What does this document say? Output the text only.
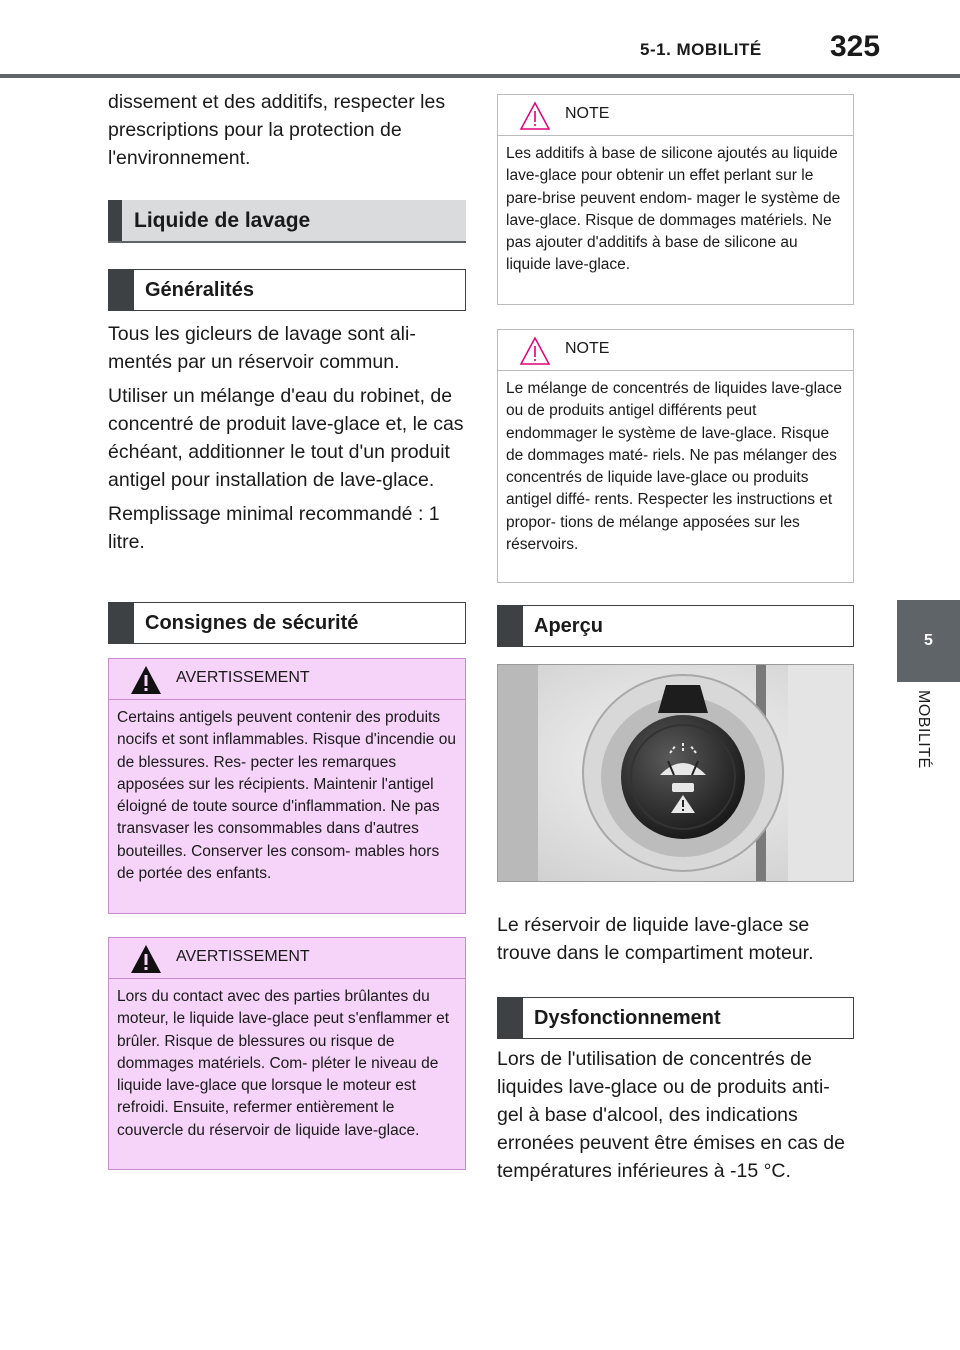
5-1. MOBILITÉ 325
5
MOBILITÉ

dissement et des additifs, respecter les prescriptions pour la protection de l'environnement.

Liquide de lavage
Généralités

Tous les gicleurs de lavage sont ali- mentés par un réservoir commun.

Utiliser un mélange d'eau du robinet, de concentré de produit lave-glace et, le cas échéant, additionner le tout d'un produit antigel pour installation de lave-glace.

Remplissage minimal recommandé : 1 litre.

Consignes de sécurité
AVERTISSEMENT
Certains antigels peuvent contenir des produits nocifs et sont inflammables. Risque d'incendie ou de blessures. Res- pecter les remarques apposées sur les récipients. Maintenir l'antigel éloigné de toute source d'inflammation. Ne pas transvaser les consommables dans d'autres bouteilles. Conserver les consom- mables hors de portée des enfants.
AVERTISSEMENT
Lors du contact avec des parties brûlantes du moteur, le liquide lave-glace peut s'enflammer et brûler. Risque de blessures ou risque de dommages matériels. Com- pléter le niveau de liquide lave-glace que lorsque le moteur est refroidi. Ensuite, refermer entièrement le couvercle du réservoir de liquide lave-glace.
NOTE
Les additifs à base de silicone ajoutés au liquide lave-glace pour obtenir un effet perlant sur le pare-brise peuvent endom- mager le système de lave-glace. Risque de dommages matériels. Ne pas ajouter d'additifs à base de silicone au liquide lave-glace.
NOTE
Le mélange de concentrés de liquides lave-glace ou de produits antigel différents peut endommager le système de lave-glace. Risque de dommages maté- riels. Ne pas mélanger des concentrés de liquide lave-glace ou produits antigel diffé- rents. Respecter les instructions et propor- tions de mélange apposées sur les réservoirs.
Aperçu

Le réservoir de liquide lave-glace se trouve dans le compartiment moteur.

Dysfonctionnement

Lors de l'utilisation de concentrés de liquides lave-glace ou de produits anti- gel à base d'alcool, des indications erronées peuvent être émises en cas de températures inférieures à -15 °C.
